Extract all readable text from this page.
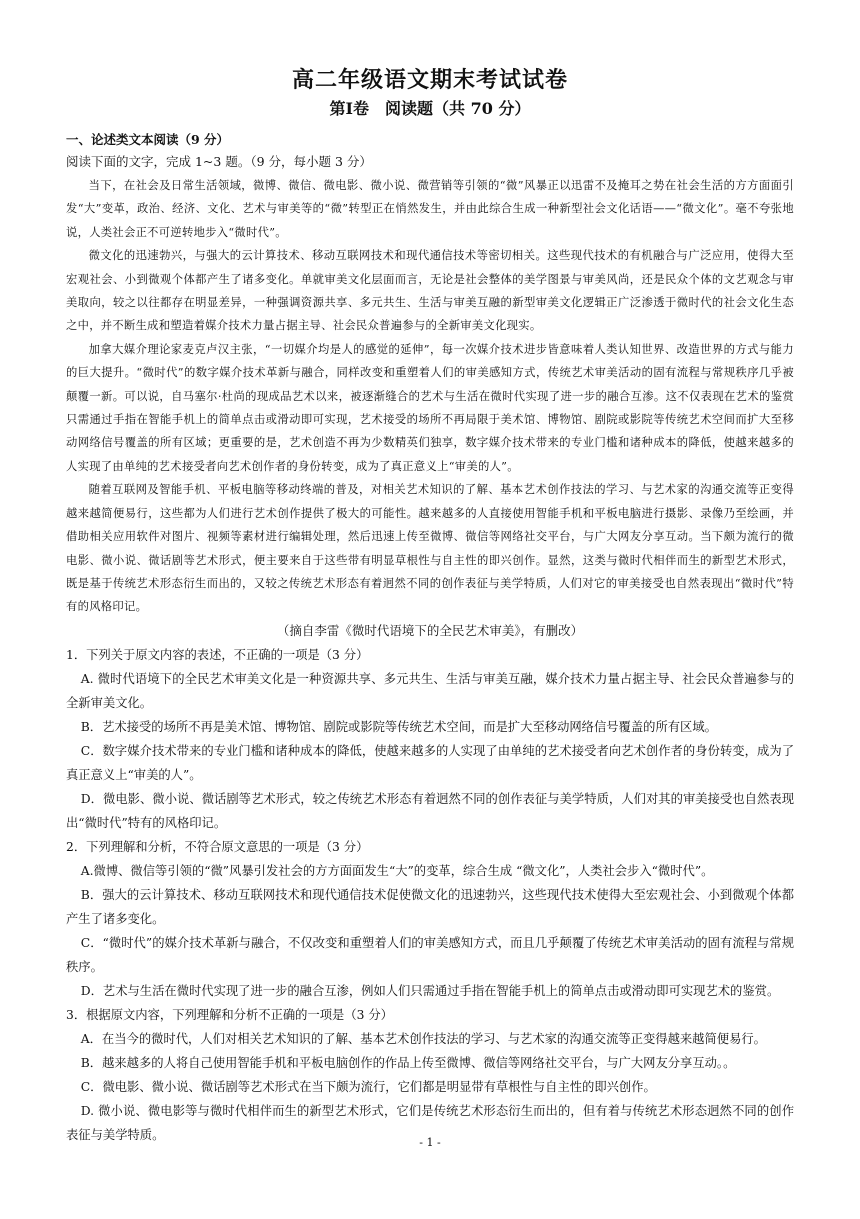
高二年级语文期末考试试卷
第Ⅰ卷　阅读题（共 70 分）

一、论述类文本阅读（9 分）

阅读下面的文字，完成 1~3 题。（9 分，每小题 3 分）

当下，在社会及日常生活领域，微博、微信、微电影、微小说、微营销等引领的“微”风暴正以迅雷不及掩耳之势在社会生活的方方面面引发“大”变革，政治、经济、文化、艺术与审美等的“微”转型正在悄然发生，并由此综合生成一种新型社会文化话语——“微文化”。毫不夸张地说，人类社会正不可逆转地步入“微时代”。

微文化的迅速勃兴，与强大的云计算技术、移动互联网技术和现代通信技术等密切相关。这些现代技术的有机融合与广泛应用，使得大至宏观社会、小到微观个体都产生了诸多变化。单就审美文化层面而言，无论是社会整体的美学图景与审美风尚，还是民众个体的文艺观念与审美取向，较之以往都存在明显差异，一种强调资源共享、多元共生、生活与审美互融的新型审美文化逻辑正广泛渗透于微时代的社会文化生态之中，并不断生成和塑造着媒介技术力量占据主导、社会民众普遍参与的全新审美文化现实。

加拿大媒介理论家麦克卢汉主张，“一切媒介均是人的感觉的延伸”，每一次媒介技术进步皆意味着人类认知世界、改造世界的方式与能力的巨大提升。“微时代”的数字媒介技术革新与融合，同样改变和重塑着人们的审美感知方式，传统艺术审美活动的固有流程与常规秩序几乎被颠覆一新。可以说，自马塞尔·杜尚的现成品艺术以来，被逐渐缝合的艺术与生活在微时代实现了进一步的融合互渗。这不仅表现在艺术的鉴赏只需通过手指在智能手机上的简单点击或滑动即可实现，艺术接受的场所不再局限于美术馆、博物馆、剧院或影院等传统艺术空间而扩大至移动网络信号覆盖的所有区域；更重要的是，艺术创造不再为少数精英们独享，数字媒介技术带来的专业门槛和诸种成本的降低，使越来越多的人实现了由单纯的艺术接受者向艺术创作者的身份转变，成为了真正意义上“审美的人”。

随着互联网及智能手机、平板电脑等移动终端的普及，对相关艺术知识的了解、基本艺术创作技法的学习、与艺术家的沟通交流等正变得越来越简便易行，这些都为人们进行艺术创作提供了极大的可能性。越来越多的人直接使用智能手机和平板电脑进行摄影、录像乃至绘画，并借助相关应用软件对图片、视频等素材进行编辑处理，然后迅速上传至微博、微信等网络社交平台，与广大网友分享互动。当下颇为流行的微电影、微小说、微话剧等艺术形式，便主要来自于这些带有明显草根性与自主性的即兴创作。显然，这类与微时代相伴而生的新型艺术形式，既是基于传统艺术形态衍生而出的，又较之传统艺术形态有着迥然不同的创作表征与美学特质，人们对它的审美接受也自然表现出“微时代”特有的风格印记。

（摘自李雷《微时代语境下的全民艺术审美》，有删改）

1．下列关于原文内容的表述，不正确的一项是（3 分）

A. 微时代语境下的全民艺术审美文化是一种资源共享、多元共生、生活与审美互融，媒介技术力量占据主导、社会民众普遍参与的全新审美文化。

B．艺术接受的场所不再是美术馆、博物馆、剧院或影院等传统艺术空间，而是扩大至移动网络信号覆盖的所有区域。

C．数字媒介技术带来的专业门槛和诸种成本的降低，使越来越多的人实现了由单纯的艺术接受者向艺术创作者的身份转变，成为了真正意义上“审美的人”。

D．微电影、微小说、微话剧等艺术形式，较之传统艺术形态有着迥然不同的创作表征与美学特质，人们对其的审美接受也自然表现出“微时代”特有的风格印记。

2．下列理解和分析，不符合原文意思的一项是（3 分）

A.微博、微信等引领的“微”风暴引发社会的方方面面发生“大”的变革，综合生成 “微文化”，人类社会步入“微时代”。

B．强大的云计算技术、移动互联网技术和现代通信技术促使微文化的迅速勃兴，这些现代技术使得大至宏观社会、小到微观个体都产生了诸多变化。

C．“微时代”的媒介技术革新与融合，不仅改变和重塑着人们的审美感知方式，而且几乎颠覆了传统艺术审美活动的固有流程与常规秩序。

D．艺术与生活在微时代实现了进一步的融合互渗，例如人们只需通过手指在智能手机上的简单点击或滑动即可实现艺术的鉴赏。

3．根据原文内容，下列理解和分析不正确的一项是（3 分）

A．在当今的微时代，人们对相关艺术知识的了解、基本艺术创作技法的学习、与艺术家的沟通交流等正变得越来越简便易行。

B．越来越多的人将自己使用智能手机和平板电脑创作的作品上传至微博、微信等网络社交平台，与广大网友分享互动。。

C．微电影、微小说、微话剧等艺术形式在当下颇为流行，它们都是明显带有草根性与自主性的即兴创作。

D. 微小说、微电影等与微时代相伴而生的新型艺术形式，它们是传统艺术形态衍生而出的，但有着与传统艺术形态迥然不同的创作表征与美学特质。

- 1 -
